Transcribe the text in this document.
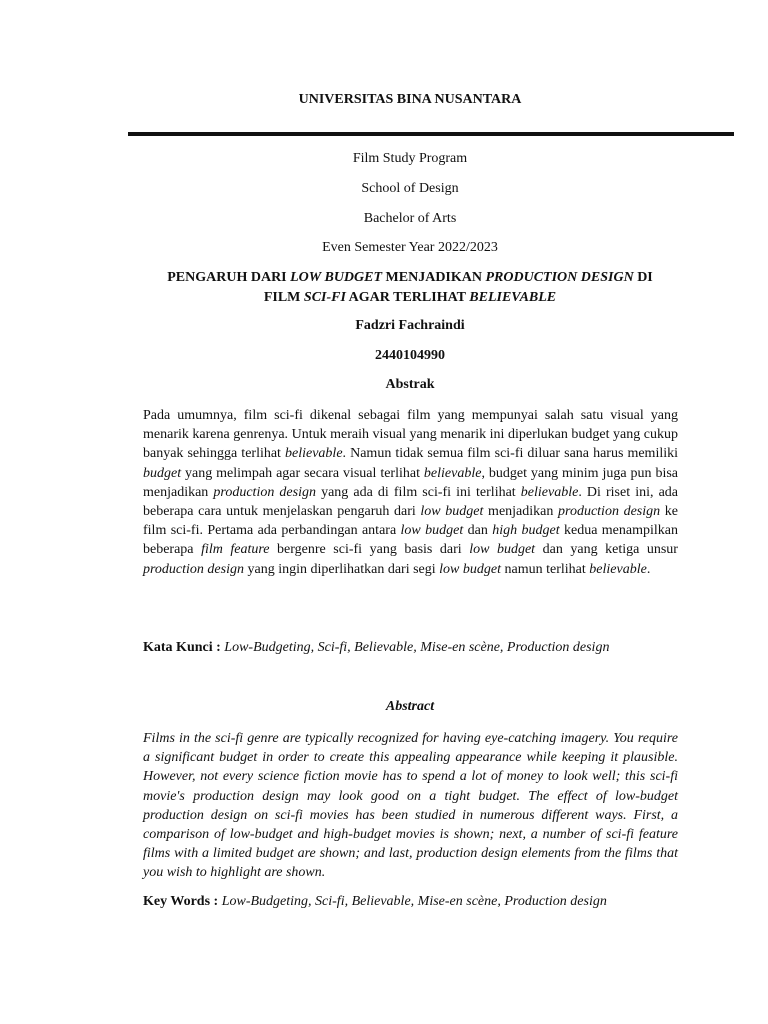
UNIVERSITAS BINA NUSANTARA
Film Study Program
School of Design
Bachelor of Arts
Even Semester Year 2022/2023
PENGARUH DARI LOW BUDGET MENJADIKAN PRODUCTION DESIGN DI
FILM SCI-FI AGAR TERLIHAT BELIEVABLE
Fadzri Fachraindi
2440104990
Abstrak

Pada umumnya, film sci-fi dikenal sebagai film yang mempunyai salah satu visual yang menarik karena genrenya. Untuk meraih visual yang menarik ini diperlukan budget yang cukup banyak sehingga terlihat believable. Namun tidak semua film sci-fi diluar sana harus memiliki budget yang melimpah agar secara visual terlihat believable, budget yang minim juga pun bisa menjadikan production design yang ada di film sci-fi ini terlihat believable. Di riset ini, ada beberapa cara untuk menjelaskan pengaruh dari low budget menjadikan production design ke film sci-fi. Pertama ada perbandingan antara low budget dan high budget kedua menampilkan beberapa film feature bergenre sci-fi yang basis dari low budget dan yang ketiga unsur production design yang ingin diperlihatkan dari segi low budget namun terlihat believable.

Kata Kunci : Low-Budgeting, Sci-fi, Believable, Mise-en scène, Production design
Abstract

Films in the sci-fi genre are typically recognized for having eye-catching imagery. You require a significant budget in order to create this appealing appearance while keeping it plausible. However, not every science fiction movie has to spend a lot of money to look well; this sci-fi movie's production design may look good on a tight budget. The effect of low-budget production design on sci-fi movies has been studied in numerous different ways. First, a comparison of low-budget and high-budget movies is shown; next, a number of sci-fi feature films with a limited budget are shown; and last, production design elements from the films that you wish to highlight are shown.

Key Words : Low-Budgeting, Sci-fi, Believable, Mise-en scène, Production design
